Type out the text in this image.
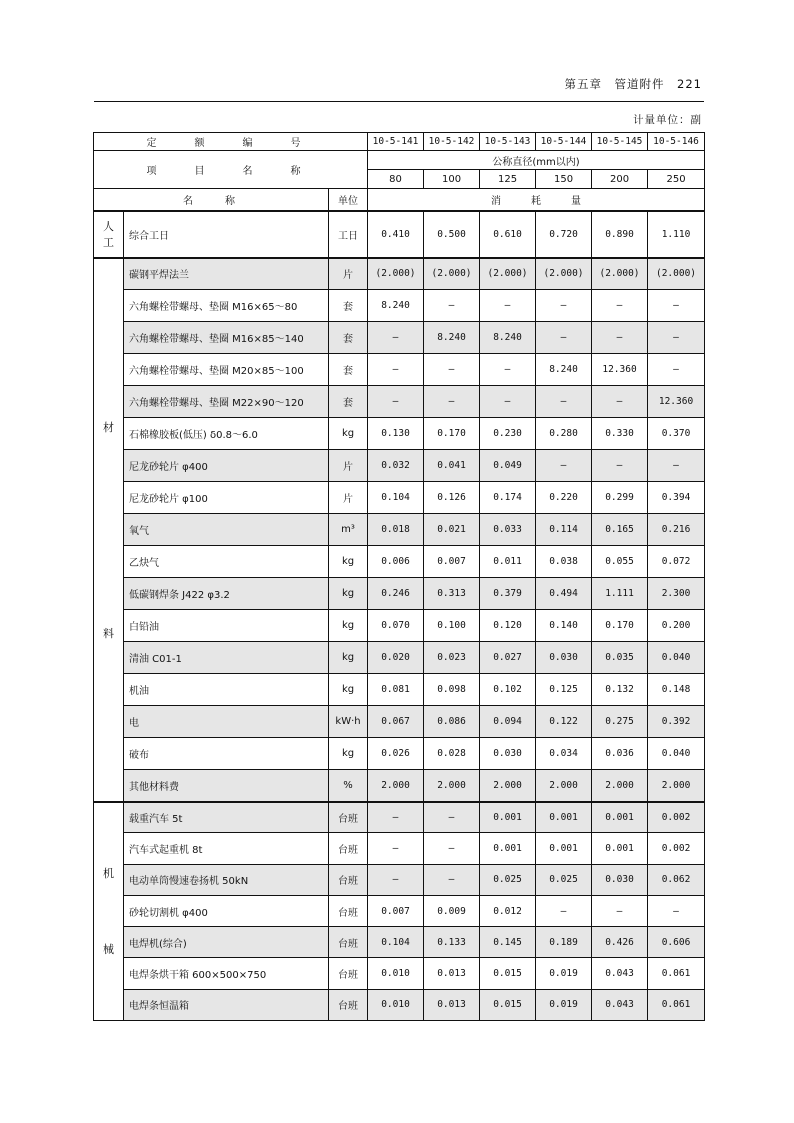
第五章　管道附件　221
计量单位：副
定　额　编　号			10-5-141	10-5-142	10-5-143	10-5-144	10-5-145	10-5-146
项　目　名　称			公称直径(mm以内)					
			80	100	125	150	200	250
名　　称		单位	消　　　耗　　　量					

人
工	综合工日	工日	0.410	0.500	0.610	0.720	0.890	1.110

材
料	碳钢平焊法兰	片	(2.000)	(2.000)	(2.000)	(2.000)	(2.000)	(2.000)
	六角螺栓带螺母、垫圈 M16×65～80	套	8.240	—	—	—	—	—
	六角螺栓带螺母、垫圈 M16×85～140	套	—	8.240	8.240	—	—	—
	六角螺栓带螺母、垫圈 M20×85～100	套	—	—	—	8.240	12.360	—
	六角螺栓带螺母、垫圈 M22×90～120	套	—	—	—	—	—	12.360
	石棉橡胶板(低压) δ0.8～6.0	kg	0.130	0.170	0.230	0.280	0.330	0.370
	尼龙砂轮片 φ400	片	0.032	0.041	0.049	—	—	—
	尼龙砂轮片 φ100	片	0.104	0.126	0.174	0.220	0.299	0.394
	氧气	m³	0.018	0.021	0.033	0.114	0.165	0.216
	乙炔气	kg	0.006	0.007	0.011	0.038	0.055	0.072
	低碳钢焊条 J422 φ3.2	kg	0.246	0.313	0.379	0.494	1.111	2.300
	白铅油	kg	0.070	0.100	0.120	0.140	0.170	0.200
	清油 C01-1	kg	0.020	0.023	0.027	0.030	0.035	0.040
	机油	kg	0.081	0.098	0.102	0.125	0.132	0.148
	电	kW·h	0.067	0.086	0.094	0.122	0.275	0.392
	破布	kg	0.026	0.028	0.030	0.034	0.036	0.040
	其他材料费	%	2.000	2.000	2.000	2.000	2.000	2.000

机
械	载重汽车 5t	台班	—	—	0.001	0.001	0.001	0.002
	汽车式起重机 8t	台班	—	—	0.001	0.001	0.001	0.002
	电动单筒慢速卷扬机 50kN	台班	—	—	0.025	0.025	0.030	0.062
	砂轮切割机 φ400	台班	0.007	0.009	0.012	—	—	—
	电焊机(综合)	台班	0.104	0.133	0.145	0.189	0.426	0.606
	电焊条烘干箱 600×500×750	台班	0.010	0.013	0.015	0.019	0.043	0.061
	电焊条恒温箱	台班	0.010	0.013	0.015	0.019	0.043	0.061
